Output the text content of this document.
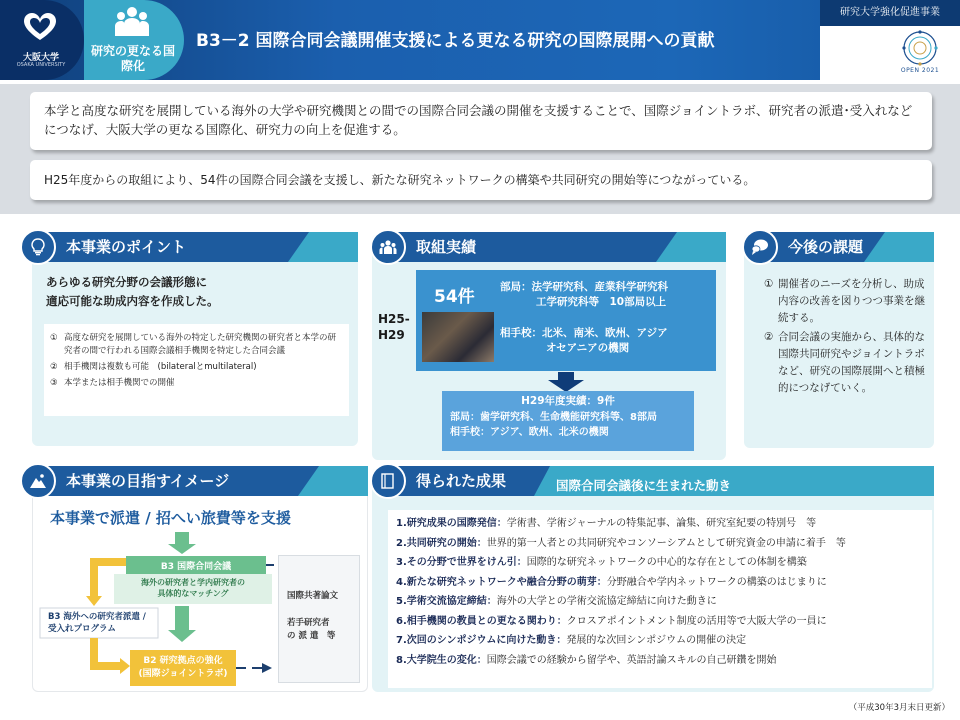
研究大学強化促進事業
大阪大学
OSAKA UNIVERSITY
研究の更なる国際化
B3－2 国際合同会議開催支援による更なる研究の国際展開への貢献
OPEN 2021
本学と高度な研究を展開している海外の大学や研究機関との間での国際合同会議の開催を支援することで、国際ジョイントラボ、研究者の派遣･受入れなどにつなげ、大阪大学の更なる国際化、研究力の向上を促進する。
H25年度からの取組により、54件の国際合同会議を支援し、新たな研究ネットワークの構築や共同研究の開始等につながっている。
本事業のポイント
あらゆる研究分野の会議形態に
適応可能な助成内容を作成した。
① 高度な研究を展開している海外の特定した研究機関の研究者と本学の研究者の間で行われる国際会議相手機関を特定した合同会議
② 相手機関は複数も可能　(bilateralとmultilateral)
③ 本学または相手機関での開催
取組実績
H25-
H29
54件 部局：法学研究科、産業科学研究科
工学研究科等　10部局以上
相手校：北米、南米、欧州、アジア
オセアニアの機関
H29年度実績：9件
部局：歯学研究科、生命機能研究科等、8部局
相手校：アジア、欧州、北米の機関
今後の課題
① 開催者のニーズを分析し、助成内容の改善を図りつつ事業を継続する。
② 合同会議の実施から、具体的な国際共同研究やジョイントラボなど、研究の国際展開へと積極的につなげていく。
本事業の目指すイメージ
本事業で派遣 / 招へい旅費等を支援
B3 国際合同会議
海外の研究者と学内研究者の
具体的なマッチング
B3 海外への研究者派遣 /
受入れプログラム
B2 研究拠点の強化
(国際ジョイントラボ)
国際共著論文
若手研究者
の 派 遣　等
得られた成果	国際合同会議後に生まれた動き
1.研究成果の国際発信：学術書、学術ジャーナルの特集記事、論集、研究室紀要の特別号　等
2.共同研究の開始：世界的第一人者との共同研究やコンソーシアムとして研究資金の申請に着手　等
3.その分野で世界をけん引：国際的な研究ネットワークの中心的な存在としての体制を構築
4.新たな研究ネットワークや融合分野の萌芽：分野融合や学内ネットワークの構築のはじまりに
5.学術交流協定締結：海外の大学との学術交流協定締結に向けた動きに
6.相手機関の教員との更なる関わり：クロスアポイントメント制度の活用等で大阪大学の一員に
7.次回のシンポジウムに向けた動き：発展的な次回シンポジウムの開催の決定
8.大学院生の変化：国際会議での経験から留学や、英語討論スキルの自己研鑽を開始
（平成30年3月末日更新）
